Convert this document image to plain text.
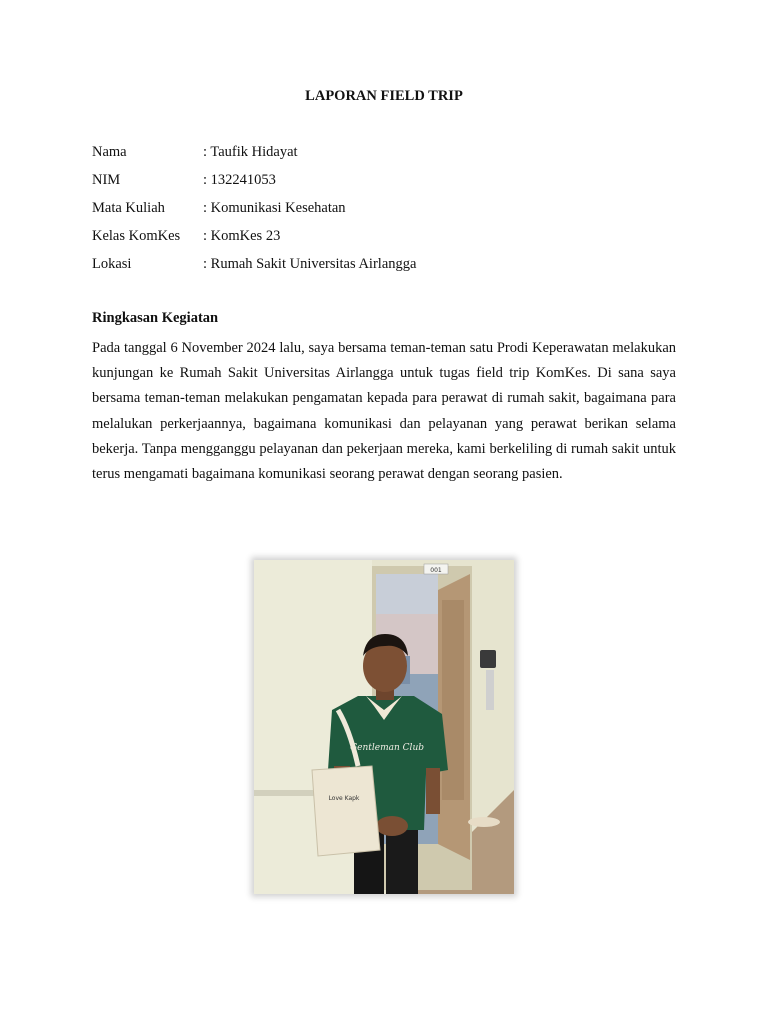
LAPORAN FIELD TRIP
Nama	: Taufik Hidayat
NIM	: 132241053
Mata Kuliah	: Komunikasi Kesehatan
Kelas KomKes	: KomKes 23
Lokasi	: Rumah Sakit Universitas Airlangga
Ringkasan Kegiatan

Pada tanggal 6 November 2024 lalu, saya bersama teman-teman satu Prodi Keperawatan melakukan kunjungan ke Rumah Sakit Universitas Airlangga untuk tugas field trip KomKes. Di sana saya bersama teman-teman melakukan pengamatan kepada para perawat di rumah sakit, bagaimana para melalukan perkerjaannya, bagaimana komunikasi dan pelayanan yang perawat berikan selama bekerja. Tanpa mengganggu pelayanan dan pekerjaan mereka, kami berkeliling di rumah sakit untuk terus mengamati bagaimana komunikasi seorang perawat dengan seorang pasien.

001
Gentleman Club
Love Kapk
